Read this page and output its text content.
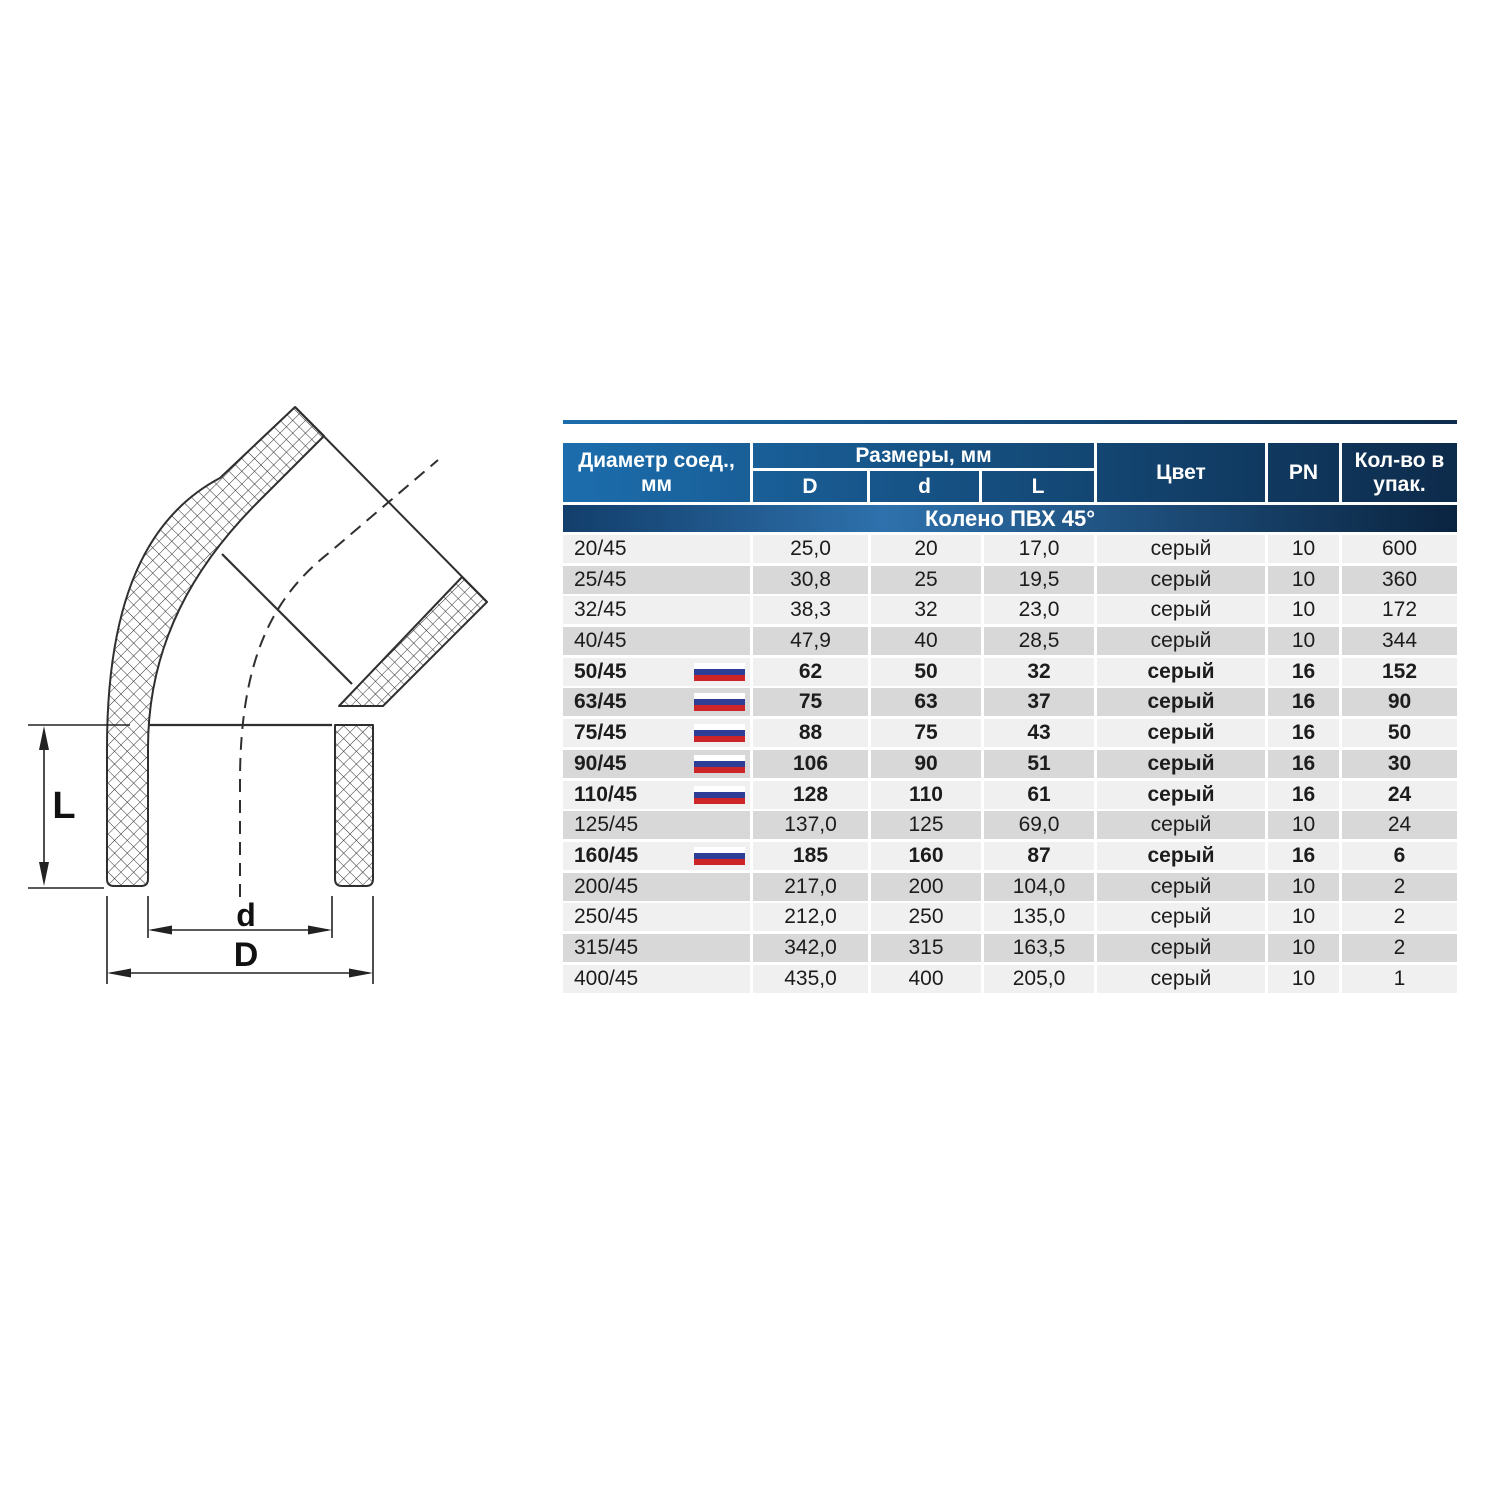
L
d
D
Диаметр соед., мм
Размеры, мм
D	d	L
Цвет	PN
Кол-во в упак.
Колено ПВХ 45°
20/45	25,0	20	17,0	серый	10	600
25/45	30,8	25	19,5	серый	10	360
32/45	38,3	32	23,0	серый	10	172
40/45	47,9	40	28,5	серый	10	344
50/45	62	50	32	серый	16	152
63/45	75	63	37	серый	16	90
75/45	88	75	43	серый	16	50
90/45	106	90	51	серый	16	30
110/45	128	110	61	серый	16	24
125/45	137,0	125	69,0	серый	10	24
160/45	185	160	87	серый	16	6
200/45	217,0	200	104,0	серый	10	2
250/45	212,0	250	135,0	серый	10	2
315/45	342,0	315	163,5	серый	10	2
400/45	435,0	400	205,0	серый	10	1
